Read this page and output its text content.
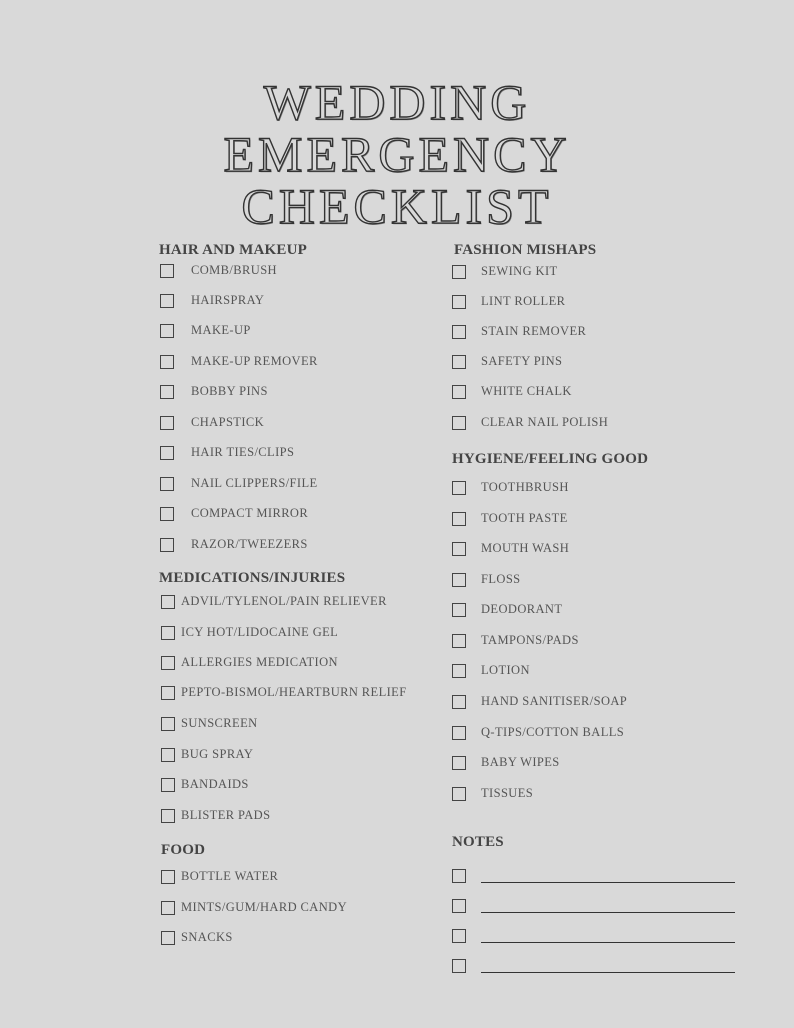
WEDDING
EMERGENCY
CHECKLIST
HAIR AND MAKEUP
COMB/BRUSH
HAIRSPRAY
MAKE-UP
MAKE-UP REMOVER
BOBBY PINS
CHAPSTICK
HAIR TIES/CLIPS
NAIL CLIPPERS/FILE
COMPACT MIRROR
RAZOR/TWEEZERS
MEDICATIONS/INJURIES
ADVIL/TYLENOL/PAIN RELIEVER
ICY HOT/LIDOCAINE GEL
ALLERGIES MEDICATION
PEPTO-BISMOL/HEARTBURN RELIEF
SUNSCREEN
BUG SPRAY
BANDAIDS
BLISTER PADS
FOOD
BOTTLE WATER
MINTS/GUM/HARD CANDY
SNACKS
FASHION MISHAPS
SEWING KIT
LINT ROLLER
STAIN REMOVER
SAFETY PINS
WHITE CHALK
CLEAR NAIL POLISH
HYGIENE/FEELING GOOD
TOOTHBRUSH
TOOTH PASTE
MOUTH WASH
FLOSS
DEODORANT
TAMPONS/PADS
LOTION
HAND SANITISER/SOAP
Q-TIPS/COTTON BALLS
BABY WIPES
TISSUES
NOTES
